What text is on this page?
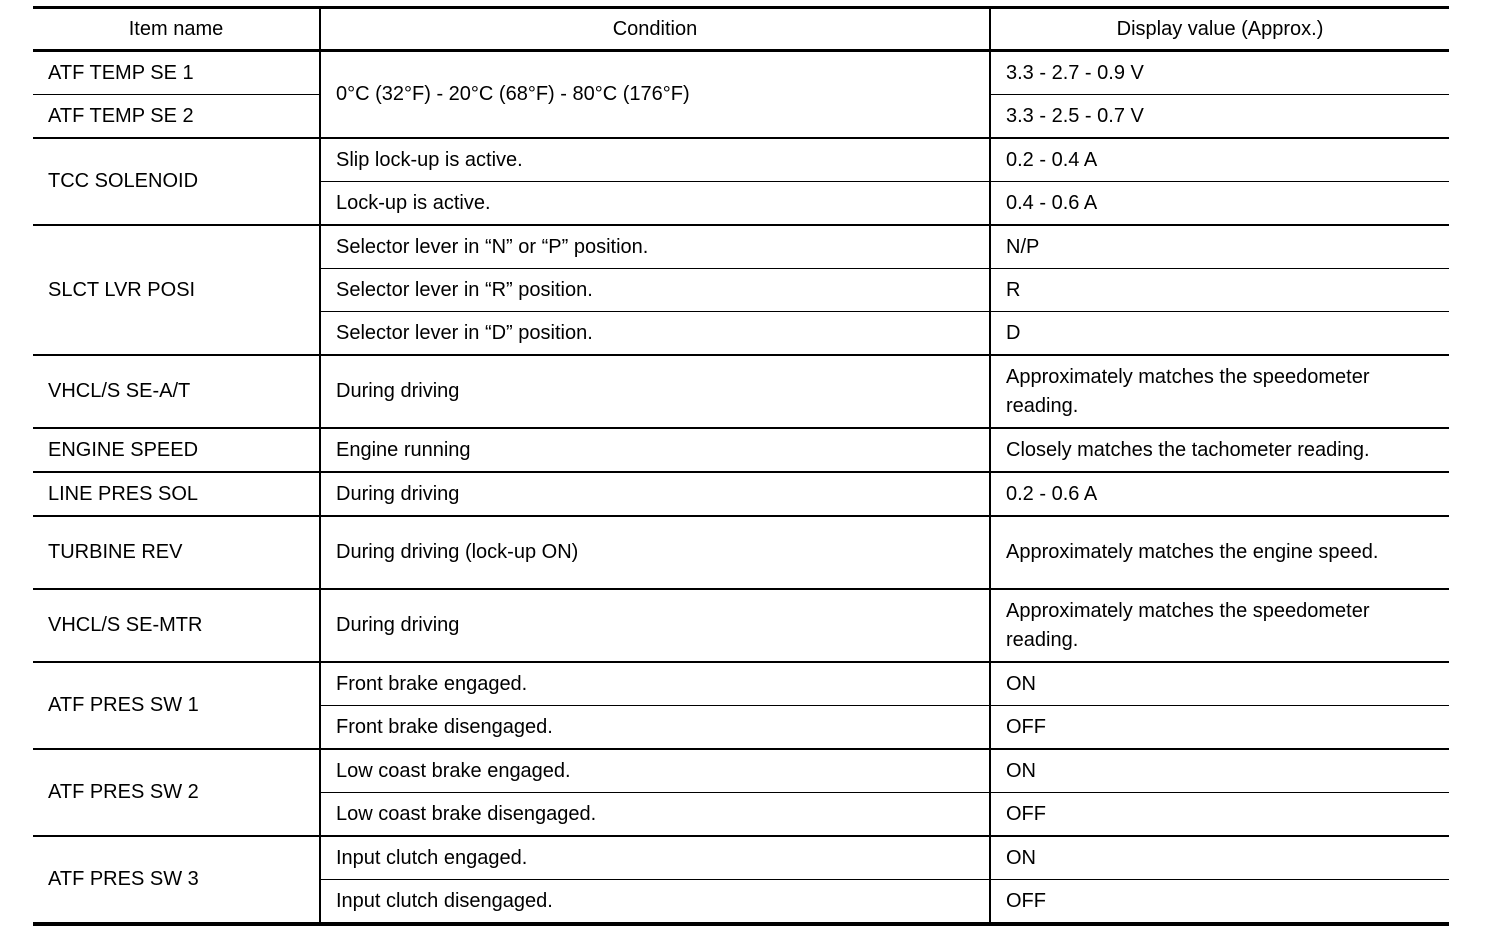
Item name	Condition	Display value (Approx.)
ATF TEMP SE 1	0°C (32°F) - 20°C (68°F) - 80°C (176°F)	3.3 - 2.7 - 0.9 V
ATF TEMP SE 2		3.3 - 2.5 - 0.7 V
TCC SOLENOID	Slip lock-up is active.	0.2 - 0.4 A
	Lock-up is active.	0.4 - 0.6 A
SLCT LVR POSI	Selector lever in “N” or “P” position.	N/P
	Selector lever in “R” position.	R
	Selector lever in “D” position.	D
VHCL/S SE-A/T	During driving	Approximately matches the speedometer reading.
ENGINE SPEED	Engine running	Closely matches the tachometer reading.
LINE PRES SOL	During driving	0.2 - 0.6 A
TURBINE REV	During driving (lock-up ON)	Approximately matches the engine speed.
VHCL/S SE-MTR	During driving	Approximately matches the speedometer reading.
ATF PRES SW 1	Front brake engaged.	ON
	Front brake disengaged.	OFF
ATF PRES SW 2	Low coast brake engaged.	ON
	Low coast brake disengaged.	OFF
ATF PRES SW 3	Input clutch engaged.	ON
	Input clutch disengaged.	OFF
